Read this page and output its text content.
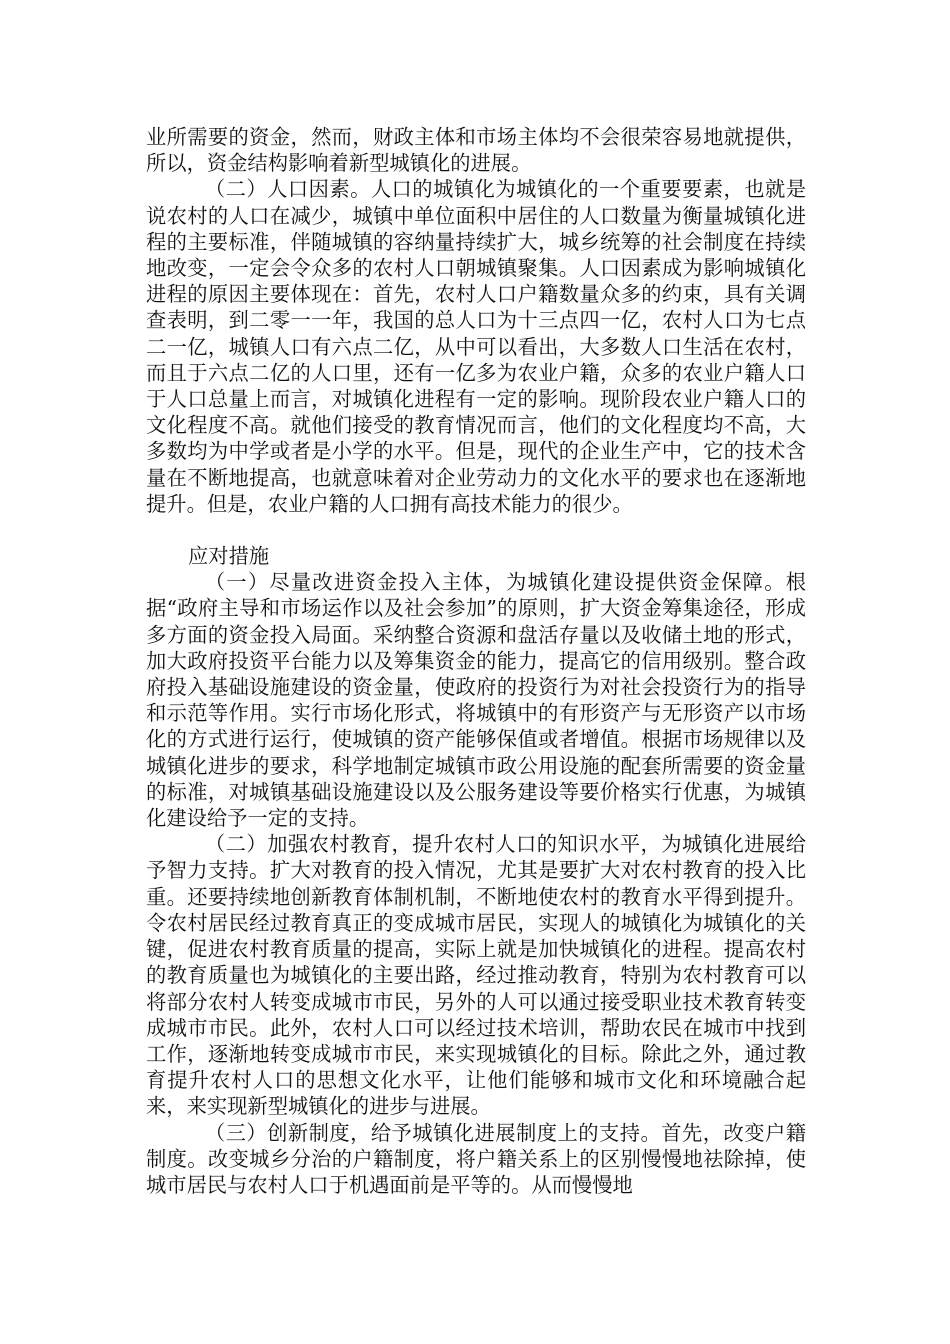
业所需要的资金，然而，财政主体和市场主体均不会很荣容易地就提供，所以，资金结构影响着新型城镇化的进展。

（二）人口因素。人口的城镇化为城镇化的一个重要要素，也就是说农村的人口在减少，城镇中单位面积中居住的人口数量为衡量城镇化进程的主要标准，伴随城镇的容纳量持续扩大，城乡统筹的社会制度在持续地改变，一定会令众多的农村人口朝城镇聚集。人口因素成为影响城镇化进程的原因主要体现在：首先，农村人口户籍数量众多的约束，具有关调查表明，到二零一一年，我国的总人口为十三点四一亿，农村人口为七点二一亿，城镇人口有六点二亿，从中可以看出，大多数人口生活在农村，而且于六点二亿的人口里，还有一亿多为农业户籍，众多的农业户籍人口于人口总量上而言，对城镇化进程有一定的影响。现阶段农业户籍人口的文化程度不高。就他们接受的教育情况而言，他们的文化程度均不高，大多数均为中学或者是小学的水平。但是，现代的企业生产中，它的技术含量在不断地提高，也就意味着对企业劳动力的文化水平的要求也在逐渐地提升。但是，农业户籍的人口拥有高技术能力的很少。

应对措施

（一）尽量改进资金投入主体，为城镇化建设提供资金保障。根据“政府主导和市场运作以及社会参加”的原则，扩大资金筹集途径，形成多方面的资金投入局面。采纳整合资源和盘活存量以及收储土地的形式，加大政府投资平台能力以及筹集资金的能力，提高它的信用级别。整合政府投入基础设施建设的资金量，使政府的投资行为对社会投资行为的指导和示范等作用。实行市场化形式，将城镇中的有形资产与无形资产以市场化的方式进行运行，使城镇的资产能够保值或者增值。根据市场规律以及城镇化进步的要求，科学地制定城镇市政公用设施的配套所需要的资金量的标准，对城镇基础设施建设以及公服务建设等要价格实行优惠，为城镇化建设给予一定的支持。

（二）加强农村教育，提升农村人口的知识水平，为城镇化进展给予智力支持。扩大对教育的投入情况，尤其是要扩大对农村教育的投入比重。还要持续地创新教育体制机制，不断地使农村的教育水平得到提升。令农村居民经过教育真正的变成城市居民，实现人的城镇化为城镇化的关键，促进农村教育质量的提高，实际上就是加快城镇化的进程。提高农村的教育质量也为城镇化的主要出路，经过推动教育，特别为农村教育可以将部分农村人转变成城市市民，另外的人可以通过接受职业技术教育转变成城市市民。此外，农村人口可以经过技术培训，帮助农民在城市中找到工作，逐渐地转变成城市市民，来实现城镇化的目标。除此之外，通过教育提升农村人口的思想文化水平，让他们能够和城市文化和环境融合起来，来实现新型城镇化的进步与进展。

（三）创新制度，给予城镇化进展制度上的支持。首先，改变户籍制度。改变城乡分治的户籍制度，将户籍关系上的区别慢慢地祛除掉，使城市居民与农村人口于机遇面前是平等的。从而慢慢地
